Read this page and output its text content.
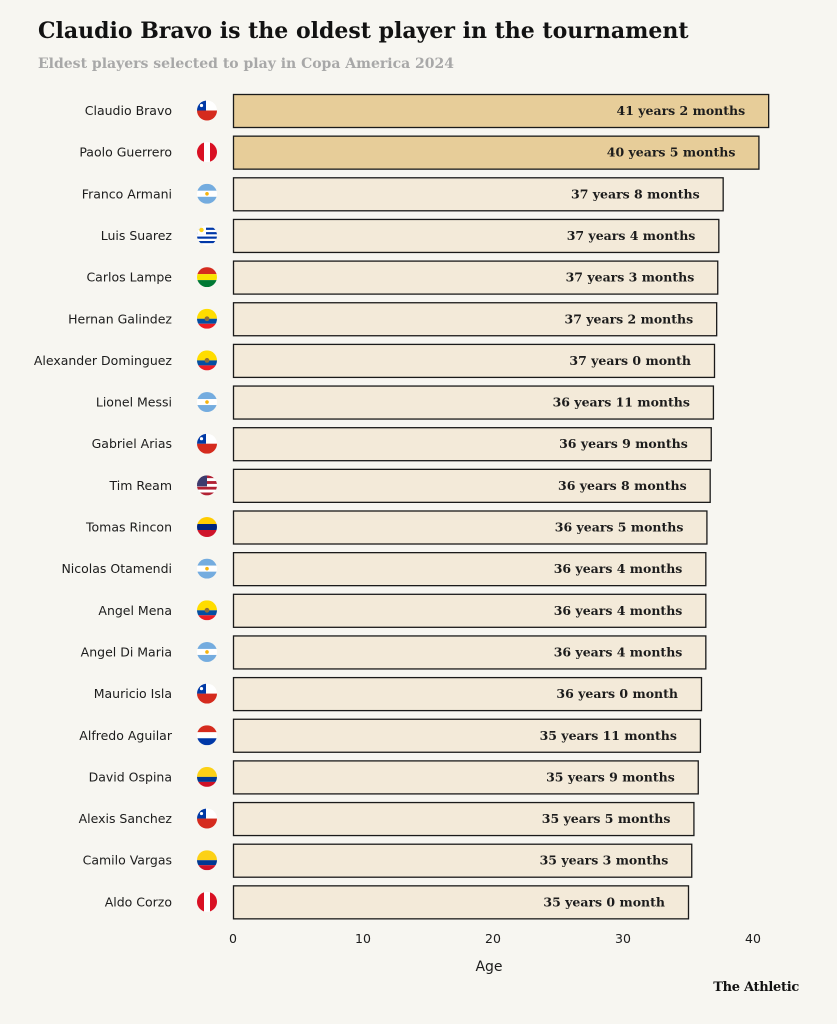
Claudio Bravo is the oldest player in the tournament
Eldest players selected to play in Copa America 2024
Claudio Bravo	41 years 2 months
Paolo Guerrero	40 years 5 months
Franco Armani	37 years 8 months
Luis Suarez	37 years 4 months
Carlos Lampe	37 years 3 months
Hernan Galindez	37 years 2 months
Alexander Dominguez	37 years 0 month
Lionel Messi	36 years 11 months
Gabriel Arias	36 years 9 months
Tim Ream	36 years 8 months
Tomas Rincon	36 years 5 months
Nicolas Otamendi	36 years 4 months
Angel Mena	36 years 4 months
Angel Di Maria	36 years 4 months
Mauricio Isla	36 years 0 month
Alfredo Aguilar	35 years 11 months
David Ospina	35 years 9 months
Alexis Sanchez	35 years 5 months
Camilo Vargas	35 years 3 months
Aldo Corzo	35 years 0 month
0	10	20	30	40
Age
The Athletic
